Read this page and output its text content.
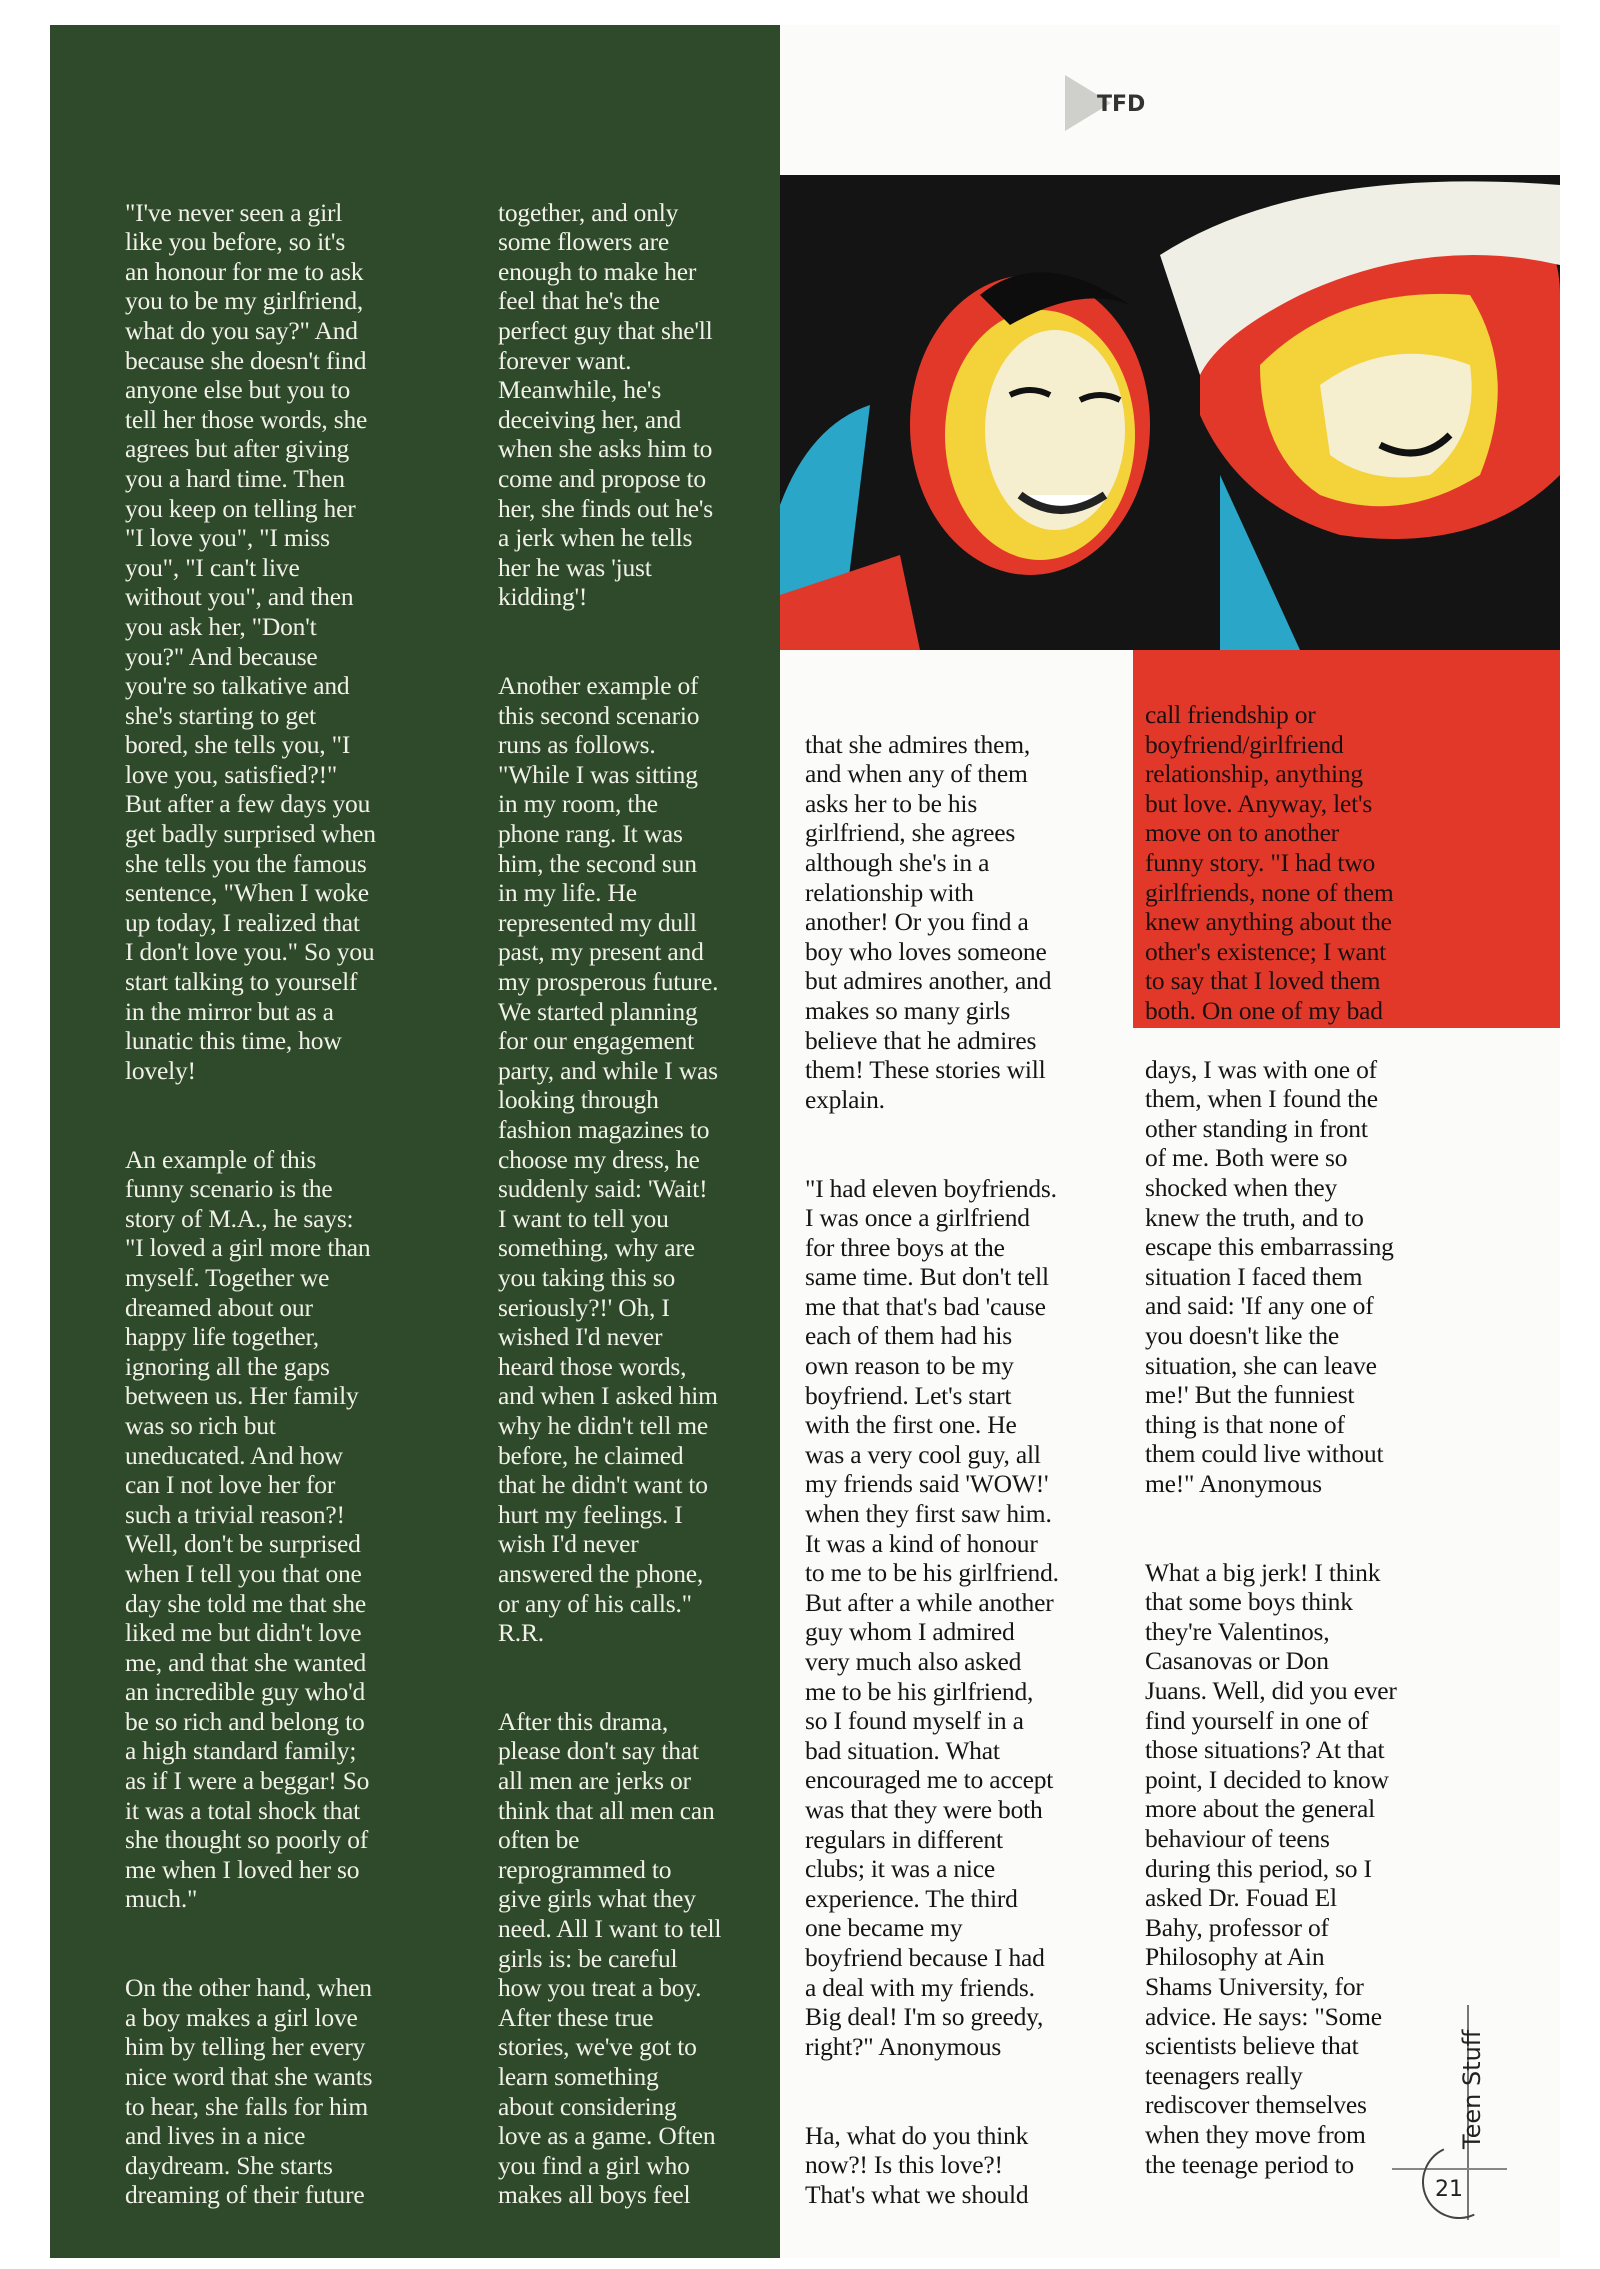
TFD

"I've never seen a girl
like you before, so it's
an honour for me to ask
you to be my girlfriend,
what do you say?" And
because she doesn't find
anyone else but you to
tell her those words, she
agrees but after giving
you a hard time. Then
you keep on telling her
"I love you", "I miss
you", "I can't live
without you", and then
you ask her, "Don't
you?" And because
you're so talkative and
she's starting to get
bored, she tells you, "I
love you, satisfied?!"
But after a few days you
get badly surprised when
she tells you the famous
sentence, "When I woke
up today, I realized that
I don't love you." So you
start talking to yourself
in the mirror but as a
lunatic this time, how
lovely!

An example of this
funny scenario is the
story of M.A., he says:
"I loved a girl more than
myself. Together we
dreamed about our
happy life together,
ignoring all the gaps
between us. Her family
was so rich but
uneducated. And how
can I not love her for
such a trivial reason?!
Well, don't be surprised
when I tell you that one
day she told me that she
liked me but didn't love
me, and that she wanted
an incredible guy who'd
be so rich and belong to
a high standard family;
as if I were a beggar! So
it was a total shock that
she thought so poorly of
me when I loved her so
much."

On the other hand, when
a boy makes a girl love
him by telling her every
nice word that she wants
to hear, she falls for him
and lives in a nice
daydream. She starts
dreaming of their future

together, and only
some flowers are
enough to make her
feel that he's the
perfect guy that she'll
forever want.
Meanwhile, he's
deceiving her, and
when she asks him to
come and propose to
her, she finds out he's
a jerk when he tells
her he was 'just
kidding'!

Another example of
this second scenario
runs as follows.
"While I was sitting
in my room, the
phone rang. It was
him, the second sun
in my life. He
represented my dull
past, my present and
my prosperous future.
We started planning
for our engagement
party, and while I was
looking through
fashion magazines to
choose my dress, he
suddenly said: 'Wait!
I want to tell you
something, why are
you taking this so
seriously?!' Oh, I
wished I'd never
heard those words,
and when I asked him
why he didn't tell me
before, he claimed
that he didn't want to
hurt my feelings. I
wish I'd never
answered the phone,
or any of his calls."
R.R.

After this drama,
please don't say that
all men are jerks or
think that all men can
often be
reprogrammed to
give girls what they
need. All I want to tell
girls is: be careful
how you treat a boy.
After these true
stories, we've got to
learn something
about considering
love as a game. Often
you find a girl who
makes all boys feel

call friendship or
boyfriend/girlfriend
relationship, anything
but love. Anyway, let's
move on to another
funny story. "I had two
girlfriends, none of them
knew anything about the
other's existence; I want
to say that I loved them
both. On one of my bad

that she admires them,
and when any of them
asks her to be his
girlfriend, she agrees
although she's in a
relationship with
another! Or you find a
boy who loves someone
but admires another, and
makes so many girls
believe that he admires
them! These stories will
explain.

"I had eleven boyfriends.
I was once a girlfriend
for three boys at the
same time. But don't tell
me that that's bad 'cause
each of them had his
own reason to be my
boyfriend. Let's start
with the first one. He
was a very cool guy, all
my friends said 'WOW!'
when they first saw him.
It was a kind of honour
to me to be his girlfriend.
But after a while another
guy whom I admired
very much also asked
me to be his girlfriend,
so I found myself in a
bad situation. What
encouraged me to accept
was that they were both
regulars in different
clubs; it was a nice
experience. The third
one became my
boyfriend because I had
a deal with my friends.
Big deal! I'm so greedy,
right?" Anonymous

Ha, what do you think
now?! Is this love?!
That's what we should

days, I was with one of
them, when I found the
other standing in front
of me. Both were so
shocked when they
knew the truth, and to
escape this embarrassing
situation I faced them
and said: 'If any one of
you doesn't like the
situation, she can leave
me!' But the funniest
thing is that none of
them could live without
me!" Anonymous

What a big jerk! I think
that some boys think
they're Valentinos,
Casanovas or Don
Juans. Well, did you ever
find yourself in one of
those situations? At that
point, I decided to know
more about the general
behaviour of teens
during this period, so I
asked Dr. Fouad El
Bahy, professor of
Philosophy at Ain
Shams University, for
advice. He says: "Some
scientists believe that
teenagers really
rediscover themselves
when they move from
the teenage period to

Teen Stuff
21
